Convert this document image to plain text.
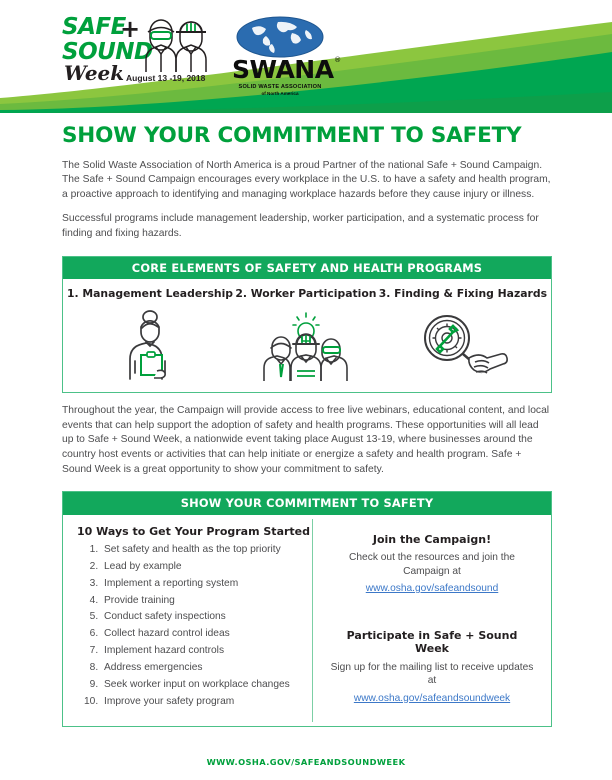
SAFE
SOUND
+
Week August 13 -19, 2018 SWANA ®
SOLID WASTE ASSOCIATION
of North America
SHOW YOUR COMMITMENT TO SAFETY

The Solid Waste Association of North America is a proud Partner of the national Safe + Sound Campaign. The Safe + Sound Campaign encourages every workplace in the U.S. to have a safety and health program, a proactive approach to identifying and managing workplace hazards before they cause injury or illness.

Successful programs include management leadership, worker participation, and a systematic process for finding and fixing hazards.

CORE ELEMENTS OF SAFETY AND HEALTH PROGRAMS
1. Management Leadership 2. Worker Participation 3. Finding & Fixing Hazards

Throughout the year, the Campaign will provide access to free live webinars, educational content, and local events that can help support the adoption of safety and health programs. These opportunities will all lead up to Safe + Sound Week, a nationwide event taking place August 13-19, where businesses around the country host events or activities that can help initiate or energize a safety and health program. Safe + Sound Week is a great opportunity to show your commitment to safety.

SHOW YOUR COMMITMENT TO SAFETY
10 Ways to Get Your Program Started
1. Set safety and health as the top priority
2. Lead by example
3. Implement a reporting system
4. Provide training
5. Conduct safety inspections
6. Collect hazard control ideas
7. Implement hazard controls
8. Address emergencies
9. Seek worker input on workplace changes
10. Improve your safety program
Join the Campaign!

Check out the resources and join the Campaign at

www.osha.gov/safeandsound
Participate in Safe + Sound Week

Sign up for the mailing list to receive updates at

www.osha.gov/safeandsoundweek
WWW.OSHA.GOV/SAFEANDSOUNDWEEK
